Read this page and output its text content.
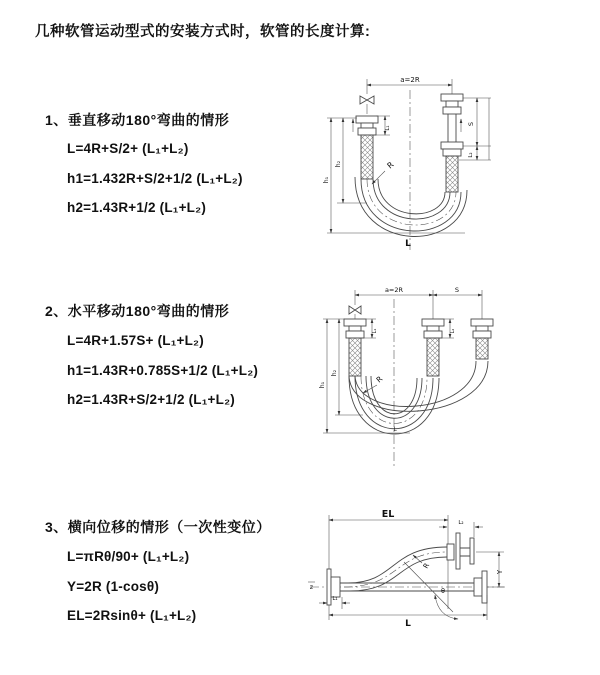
几种软管运动型式的安装方式时，软管的长度计算:
1、垂直移动180°弯曲的情形
L=4R+S/2+ (L₁+L₂)
h1=1.432R+S/2+1/2 (L₁+L₂)
h2=1.43R+1/2 (L₁+L₂)
2、水平移动180°弯曲的情形
L=4R+1.57S+ (L₁+L₂)
h1=1.43R+0.785S+1/2 (L₁+L₂)
h2=1.43R+S/2+1/2 (L₁+L₂)
3、横向位移的情形（一次性变位）
L=πRθ/90+ (L₁+L₂)
Y=2R (1-cosθ)
EL=2Rsinθ+ (L₁+L₂)
a=2R
h₁
h₂
L₁
S
L₂
R
L
a=2R	S
h₁
h₂
L₁	L₂
R
L
EL
L₂
L₁
R
Y
θ
L
z
